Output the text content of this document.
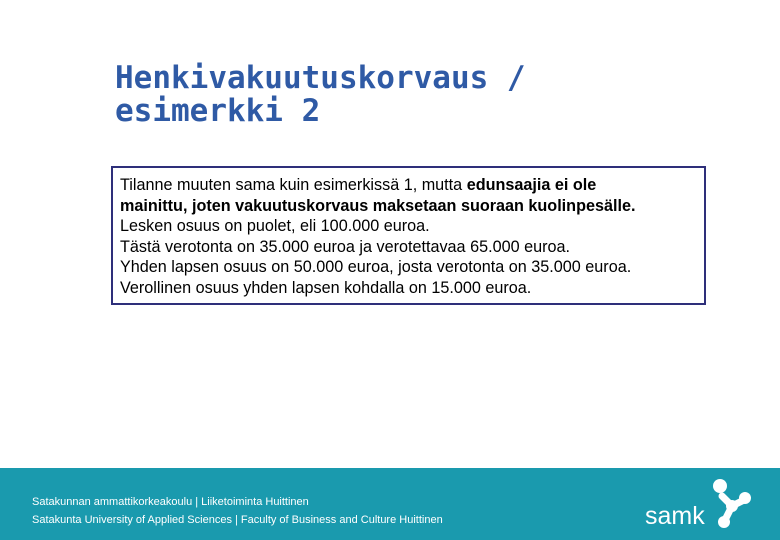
Henkivakuutuskorvaus /
esimerkki 2

Tilanne muuten sama kuin esimerkissä 1, mutta edunsaajia ei ole

mainittu, joten vakuutuskorvaus maksetaan suoraan kuolinpesälle.

Lesken osuus on puolet, eli 100.000 euroa.

Tästä verotonta on 35.000 euroa ja verotettavaa 65.000 euroa.

Yhden lapsen osuus on 50.000 euroa, josta verotonta on 35.000 euroa.

Verollinen osuus yhden lapsen kohdalla on 15.000 euroa.

Satakunnan ammattikorkeakoulu | Liiketoiminta Huittinen
Satakunta University of Applied Sciences | Faculty of Business and Culture Huittinen	samk
